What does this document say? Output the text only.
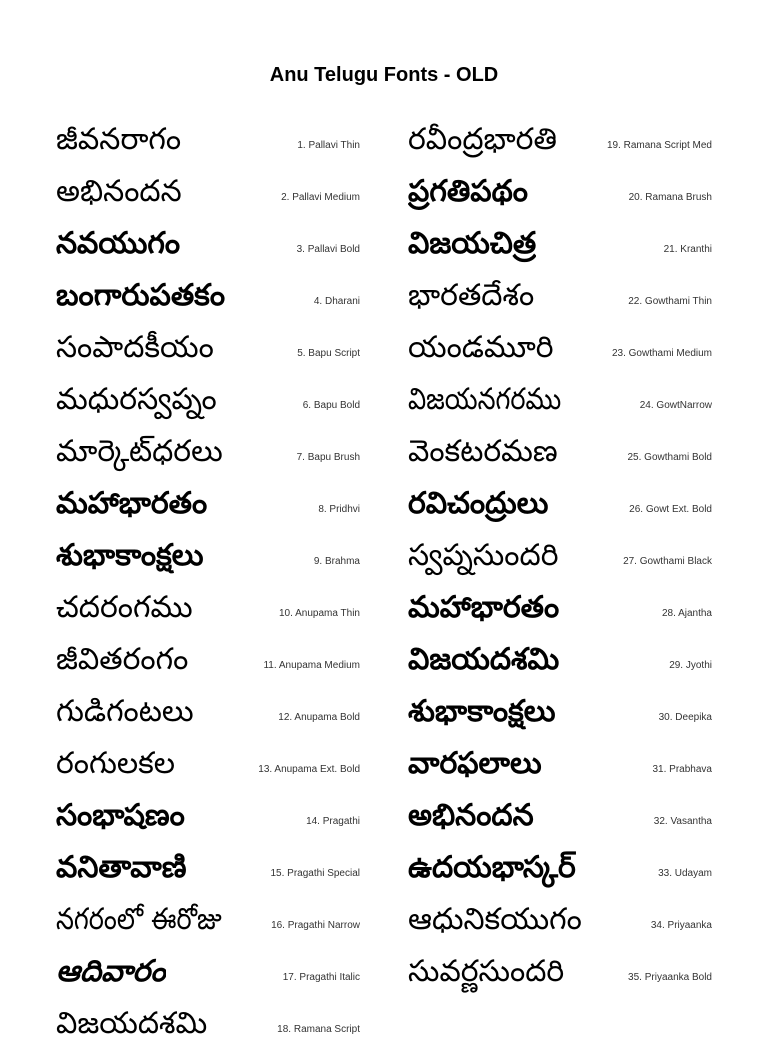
Anu Telugu Fonts - OLD
జీవనరాగం	1. Pallavi Thin
అభినందన	2. Pallavi Medium
నవయుగం	3. Pallavi Bold
బంగారుపతకం	4. Dharani
సంపాదకీయం	5. Bapu Script
మధురస్వప్నం	6. Bapu Bold
మార్కెట్‌ధరలు	7. Bapu Brush
మహాభారతం	8. Pridhvi
శుభాకాంక్షలు	9. Brahma
చదరంగము	10. Anupama Thin
జీవితరంగం	11. Anupama Medium
గుడిగంటలు	12. Anupama Bold
రంగులకల	13. Anupama Ext. Bold
సంభాషణం	14. Pragathi
వనితావాణి	15. Pragathi Special
నగరంలో ఈరోజు	16. Pragathi Narrow
ఆదివారం	17. Pragathi Italic
విజయదశమి	18. Ramana Script
రవీంద్రభారతి	19. Ramana Script Med
ప్రగతిపథం	20. Ramana Brush
విజయచిత్ర	21. Kranthi
భారతదేశం	22. Gowthami Thin
యండమూరి	23. Gowthami Medium
విజయనగరము	24. GowtNarrow
వెంకటరమణ	25. Gowthami Bold
రవిచంద్రులు	26. Gowt Ext. Bold
స్వప్నసుందరి	27. Gowthami Black
మహాభారతం	28. Ajantha
విజయదశమి	29. Jyothi
శుభాకాంక్షలు	30. Deepika
వారఫలాలు	31. Prabhava
అభినందన	32. Vasantha
ఉదయభాస్కర్	33. Udayam
ఆధునికయుగం	34. Priyaanka
సువర్ణసుందరి	35. Priyaanka Bold
